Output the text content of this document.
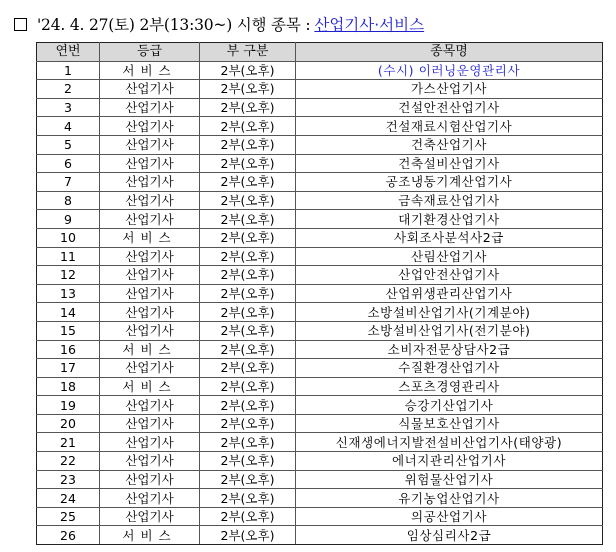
'24. 4. 27(토) 2부(13:30~) 시행 종목 : 산업기사·서비스
연번	등급	부 구분	종목명
1	서비스	2부(오후)	(수시) 이러닝운영관리사
2	산업기사	2부(오후)	가스산업기사
3	산업기사	2부(오후)	건설안전산업기사
4	산업기사	2부(오후)	건설재료시험산업기사
5	산업기사	2부(오후)	건축산업기사
6	산업기사	2부(오후)	건축설비산업기사
7	산업기사	2부(오후)	공조냉동기계산업기사
8	산업기사	2부(오후)	금속재료산업기사
9	산업기사	2부(오후)	대기환경산업기사
10	서비스	2부(오후)	사회조사분석사2급
11	산업기사	2부(오후)	산림산업기사
12	산업기사	2부(오후)	산업안전산업기사
13	산업기사	2부(오후)	산업위생관리산업기사
14	산업기사	2부(오후)	소방설비산업기사(기계분야)
15	산업기사	2부(오후)	소방설비산업기사(전기분야)
16	서비스	2부(오후)	소비자전문상담사2급
17	산업기사	2부(오후)	수질환경산업기사
18	서비스	2부(오후)	스포츠경영관리사
19	산업기사	2부(오후)	승강기산업기사
20	산업기사	2부(오후)	식물보호산업기사
21	산업기사	2부(오후)	신재생에너지발전설비산업기사(태양광)
22	산업기사	2부(오후)	에너지관리산업기사
23	산업기사	2부(오후)	위험물산업기사
24	산업기사	2부(오후)	유기농업산업기사
25	산업기사	2부(오후)	의공산업기사
26	서비스	2부(오후)	임상심리사2급
